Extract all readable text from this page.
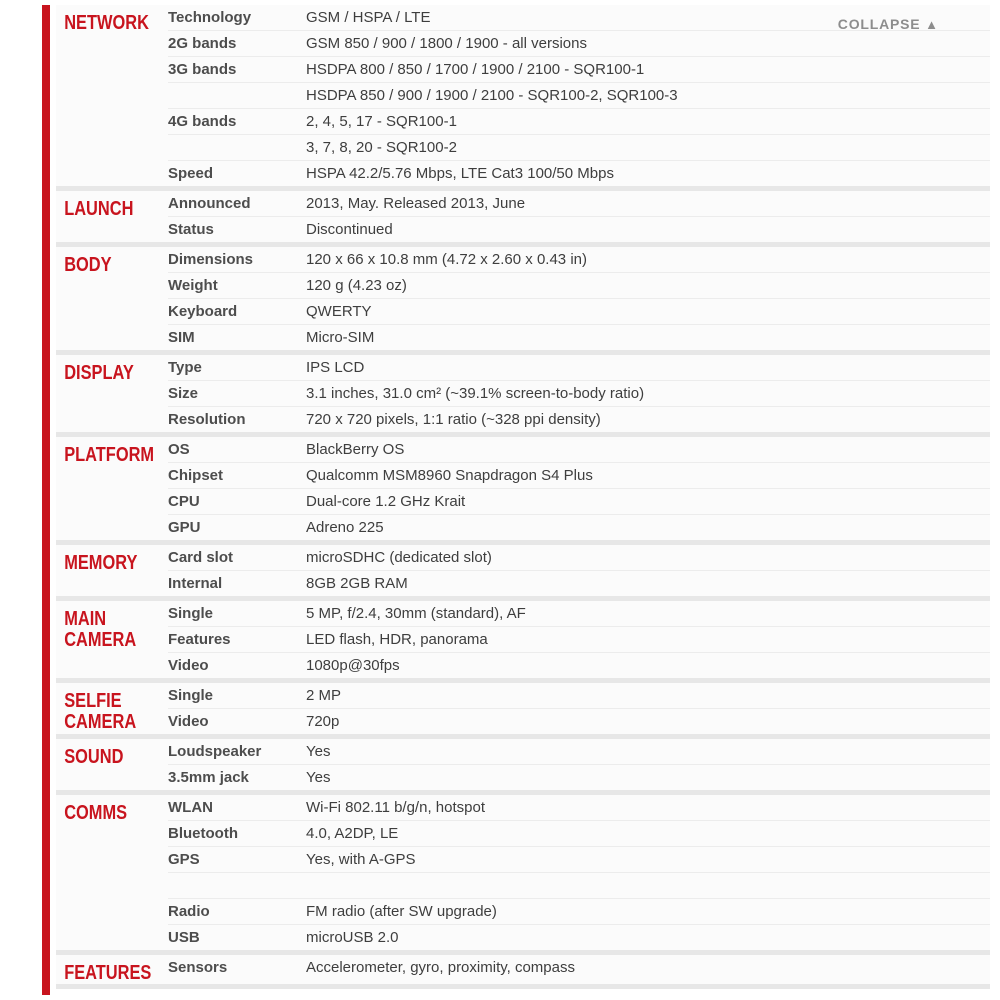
NETWORK Technology	GSM / HSPA / LTE
2G bands	GSM 850 / 900 / 1800 / 1900 - all versions
3G bands	HSDPA 800 / 850 / 1700 / 1900 / 2100 - SQR100-1
HSDPA 850 / 900 / 1900 / 2100 - SQR100-2, SQR100-3
4G bands	2, 4, 5, 17 - SQR100-1
3, 7, 8, 20 - SQR100-2
Speed	HSPA 42.2/5.76 Mbps, LTE Cat3 100/50 Mbps
LAUNCH	Announced	2013, May. Released 2013, June
Status	Discontinued
BODY	Dimensions	120 x 66 x 10.8 mm (4.72 x 2.60 x 0.43 in)
Weight	120 g (4.23 oz)
Keyboard	QWERTY
SIM	Micro-SIM
DISPLAY	Type	IPS LCD
Size	3.1 inches, 31.0 cm² (~39.1% screen-to-body ratio)
Resolution	720 x 720 pixels, 1:1 ratio (~328 ppi density)
PLATFORM OS	BlackBerry OS
Chipset	Qualcomm MSM8960 Snapdragon S4 Plus
CPU	Dual-core 1.2 GHz Krait
GPU	Adreno 225
MEMORY	Card slot	microSDHC (dedicated slot)
Internal	8GB 2GB RAM
MAIN CAMERA
Single	5 MP, f/2.4, 30mm (standard), AF
Features	LED flash, HDR, panorama
Video	1080p@30fps
SELFIE CAMERA
Single	2 MP
Video	720p
SOUND	Loudspeaker	Yes
3.5mm jack	Yes
COMMS	WLAN	Wi-Fi 802.11 b/g/n, hotspot
Bluetooth	4.0, A2DP, LE
GPS	Yes, with A-GPS
Radio	FM radio (after SW upgrade)
USB	microUSB 2.0
FEATURES Sensors	Accelerometer, gyro, proximity, compass
COLLAPSE ▲
